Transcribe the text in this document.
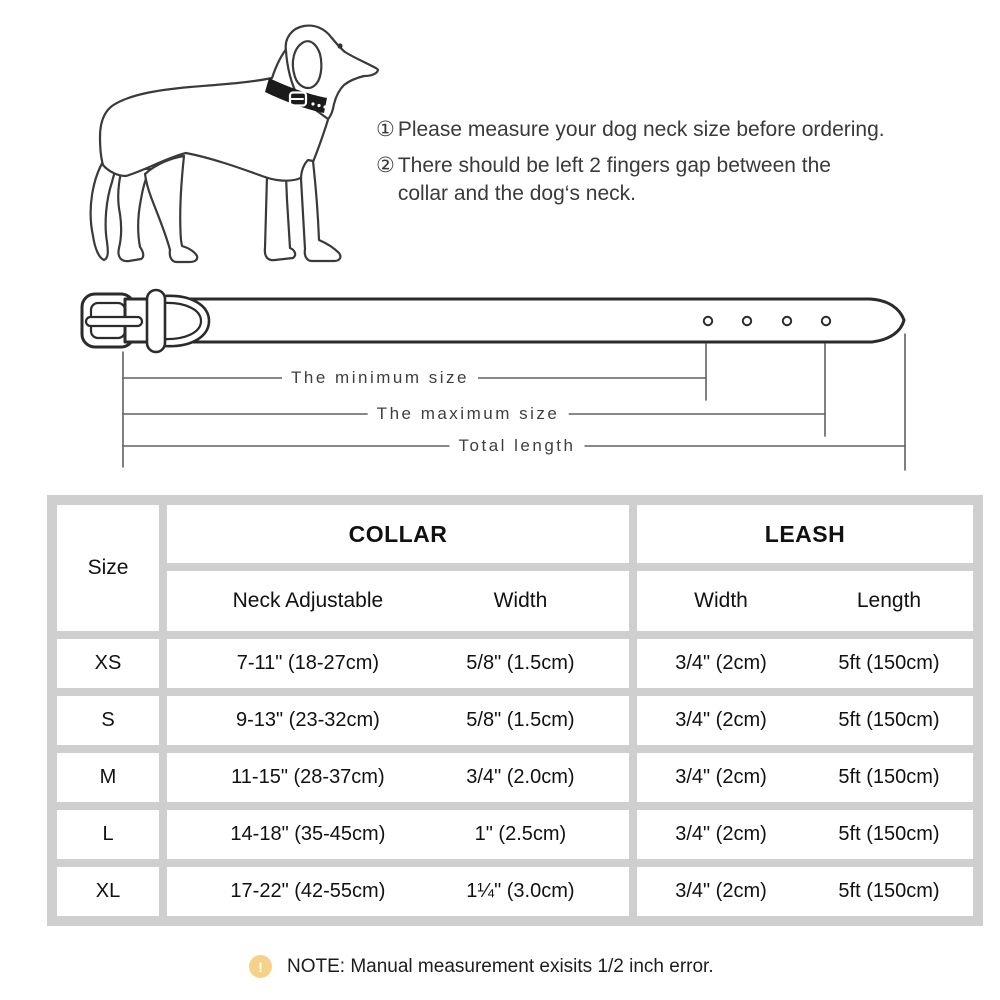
① Please measure your dog neck size before ordering.
② There should be left 2 fingers gap between the
collar and the dog‘s neck.
The minimum size
The maximum size
Total length
Size
COLLAR	LEASH
Neck Adjustable	Width	Width	Length
XS	7-11" (18-27cm)	5/8" (1.5cm)	3/4" (2cm)	5ft (150cm)
S	9-13" (23-32cm)	5/8" (1.5cm)	3/4" (2cm)	5ft (150cm)
M	11-15" (28-37cm)	3/4" (2.0cm)	3/4" (2cm)	5ft (150cm)
L	14-18" (35-45cm)	1" (2.5cm)	3/4" (2cm)	5ft (150cm)
XL	17-22" (42-55cm)	1¼" (3.0cm)	3/4" (2cm)	5ft (150cm)
!	NOTE: Manual measurement exisits 1/2 inch error.
